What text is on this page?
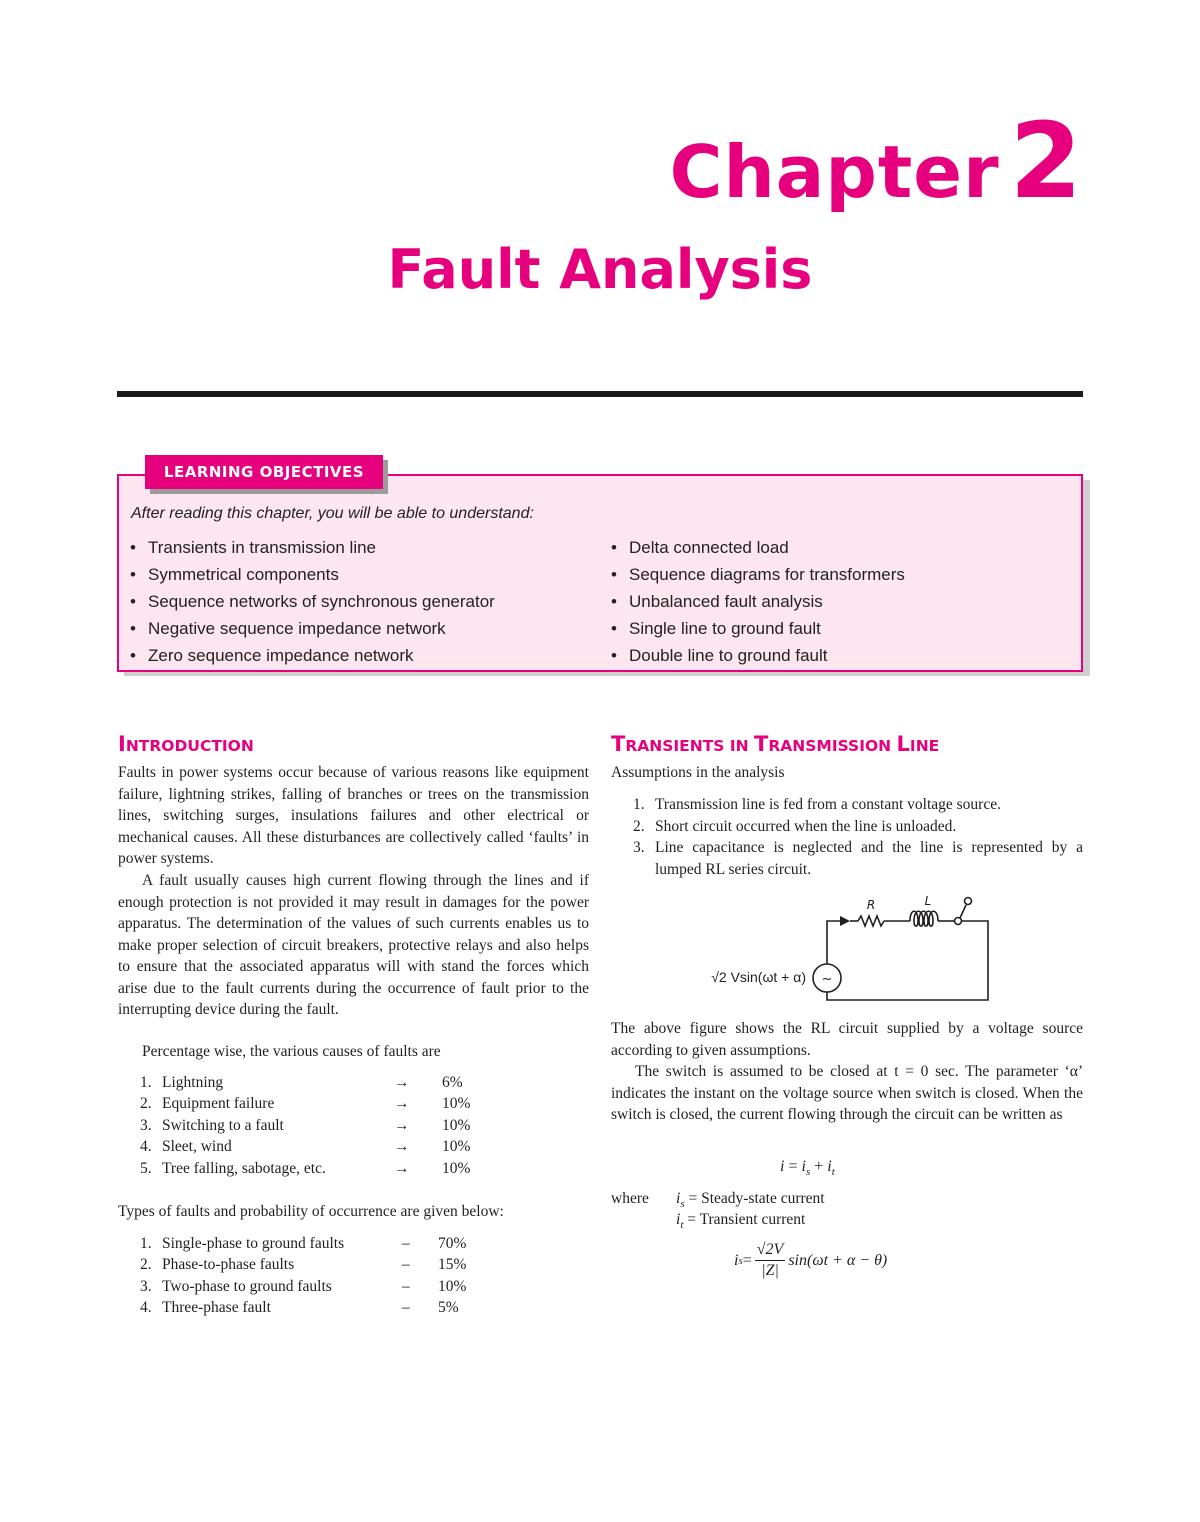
Chapter2
Fault Analysis
LEARNING OBJECTIVES
After reading this chapter, you will be able to understand:
• Transients in transmission line
• Symmetrical components
• Sequence networks of synchronous generator
• Negative sequence impedance network
• Zero sequence impedance network
• Delta connected load
• Sequence diagrams for transformers
• Unbalanced fault analysis
• Single line to ground fault
• Double line to ground fault
INTRODUCTION

Faults in power systems occur because of various reasons like equipment failure, lightning strikes, falling of branches or trees on the transmission lines, switching surges, insulations failures and other electrical or mechanical causes. All these disturbances are collectively called ‘faults’ in power systems.

A fault usually causes high current flowing through the lines and if enough protection is not provided it may result in damages for the power apparatus. The determination of the values of such currents enables us to make proper selection of circuit breakers, protective relays and also helps to ensure that the associated apparatus will with stand the forces which arise due to the fault currents during the occurrence of fault prior to the interrupting device during the fault.

Percentage wise, the various causes of faults are

1.	Lightning	→	6%
2.	Equipment failure	→	10%
3.	Switching to a fault	→	10%
4.	Sleet, wind	→	10%
5.	Tree falling, sabotage, etc.	→	10%

Types of faults and probability of occurrence are given below:

1.	Single-phase to ground faults	–	70%
2.	Phase-to-phase faults	–	15%
3.	Two-phase to ground faults	–	10%
4.	Three-phase fault	–	5%
TRANSIENTS IN TRANSMISSION LINE

Assumptions in the analysis

1. Transmission line is fed from a constant voltage source.
2. Short circuit occurred when the line is unloaded.
3. Line capacitance is neglected and the line is represented by a lumped RL series circuit.
~
R	L
√2 Vsin(ωt + α)

The above figure shows the RL circuit supplied by a voltage source according to given assumptions.

The switch is assumed to be closed at t = 0 sec. The parameter ‘α’ indicates the instant on the voltage source when switch is closed. When the switch is closed, the current flowing through the circuit can be written as

$i = i_s + i_t$
where $i_s$ = Steady-state current
$i_t$ = Transient current
i $s = \frac{√2V}{|Z|} \sin(\omega t + \alpha - \theta)$
